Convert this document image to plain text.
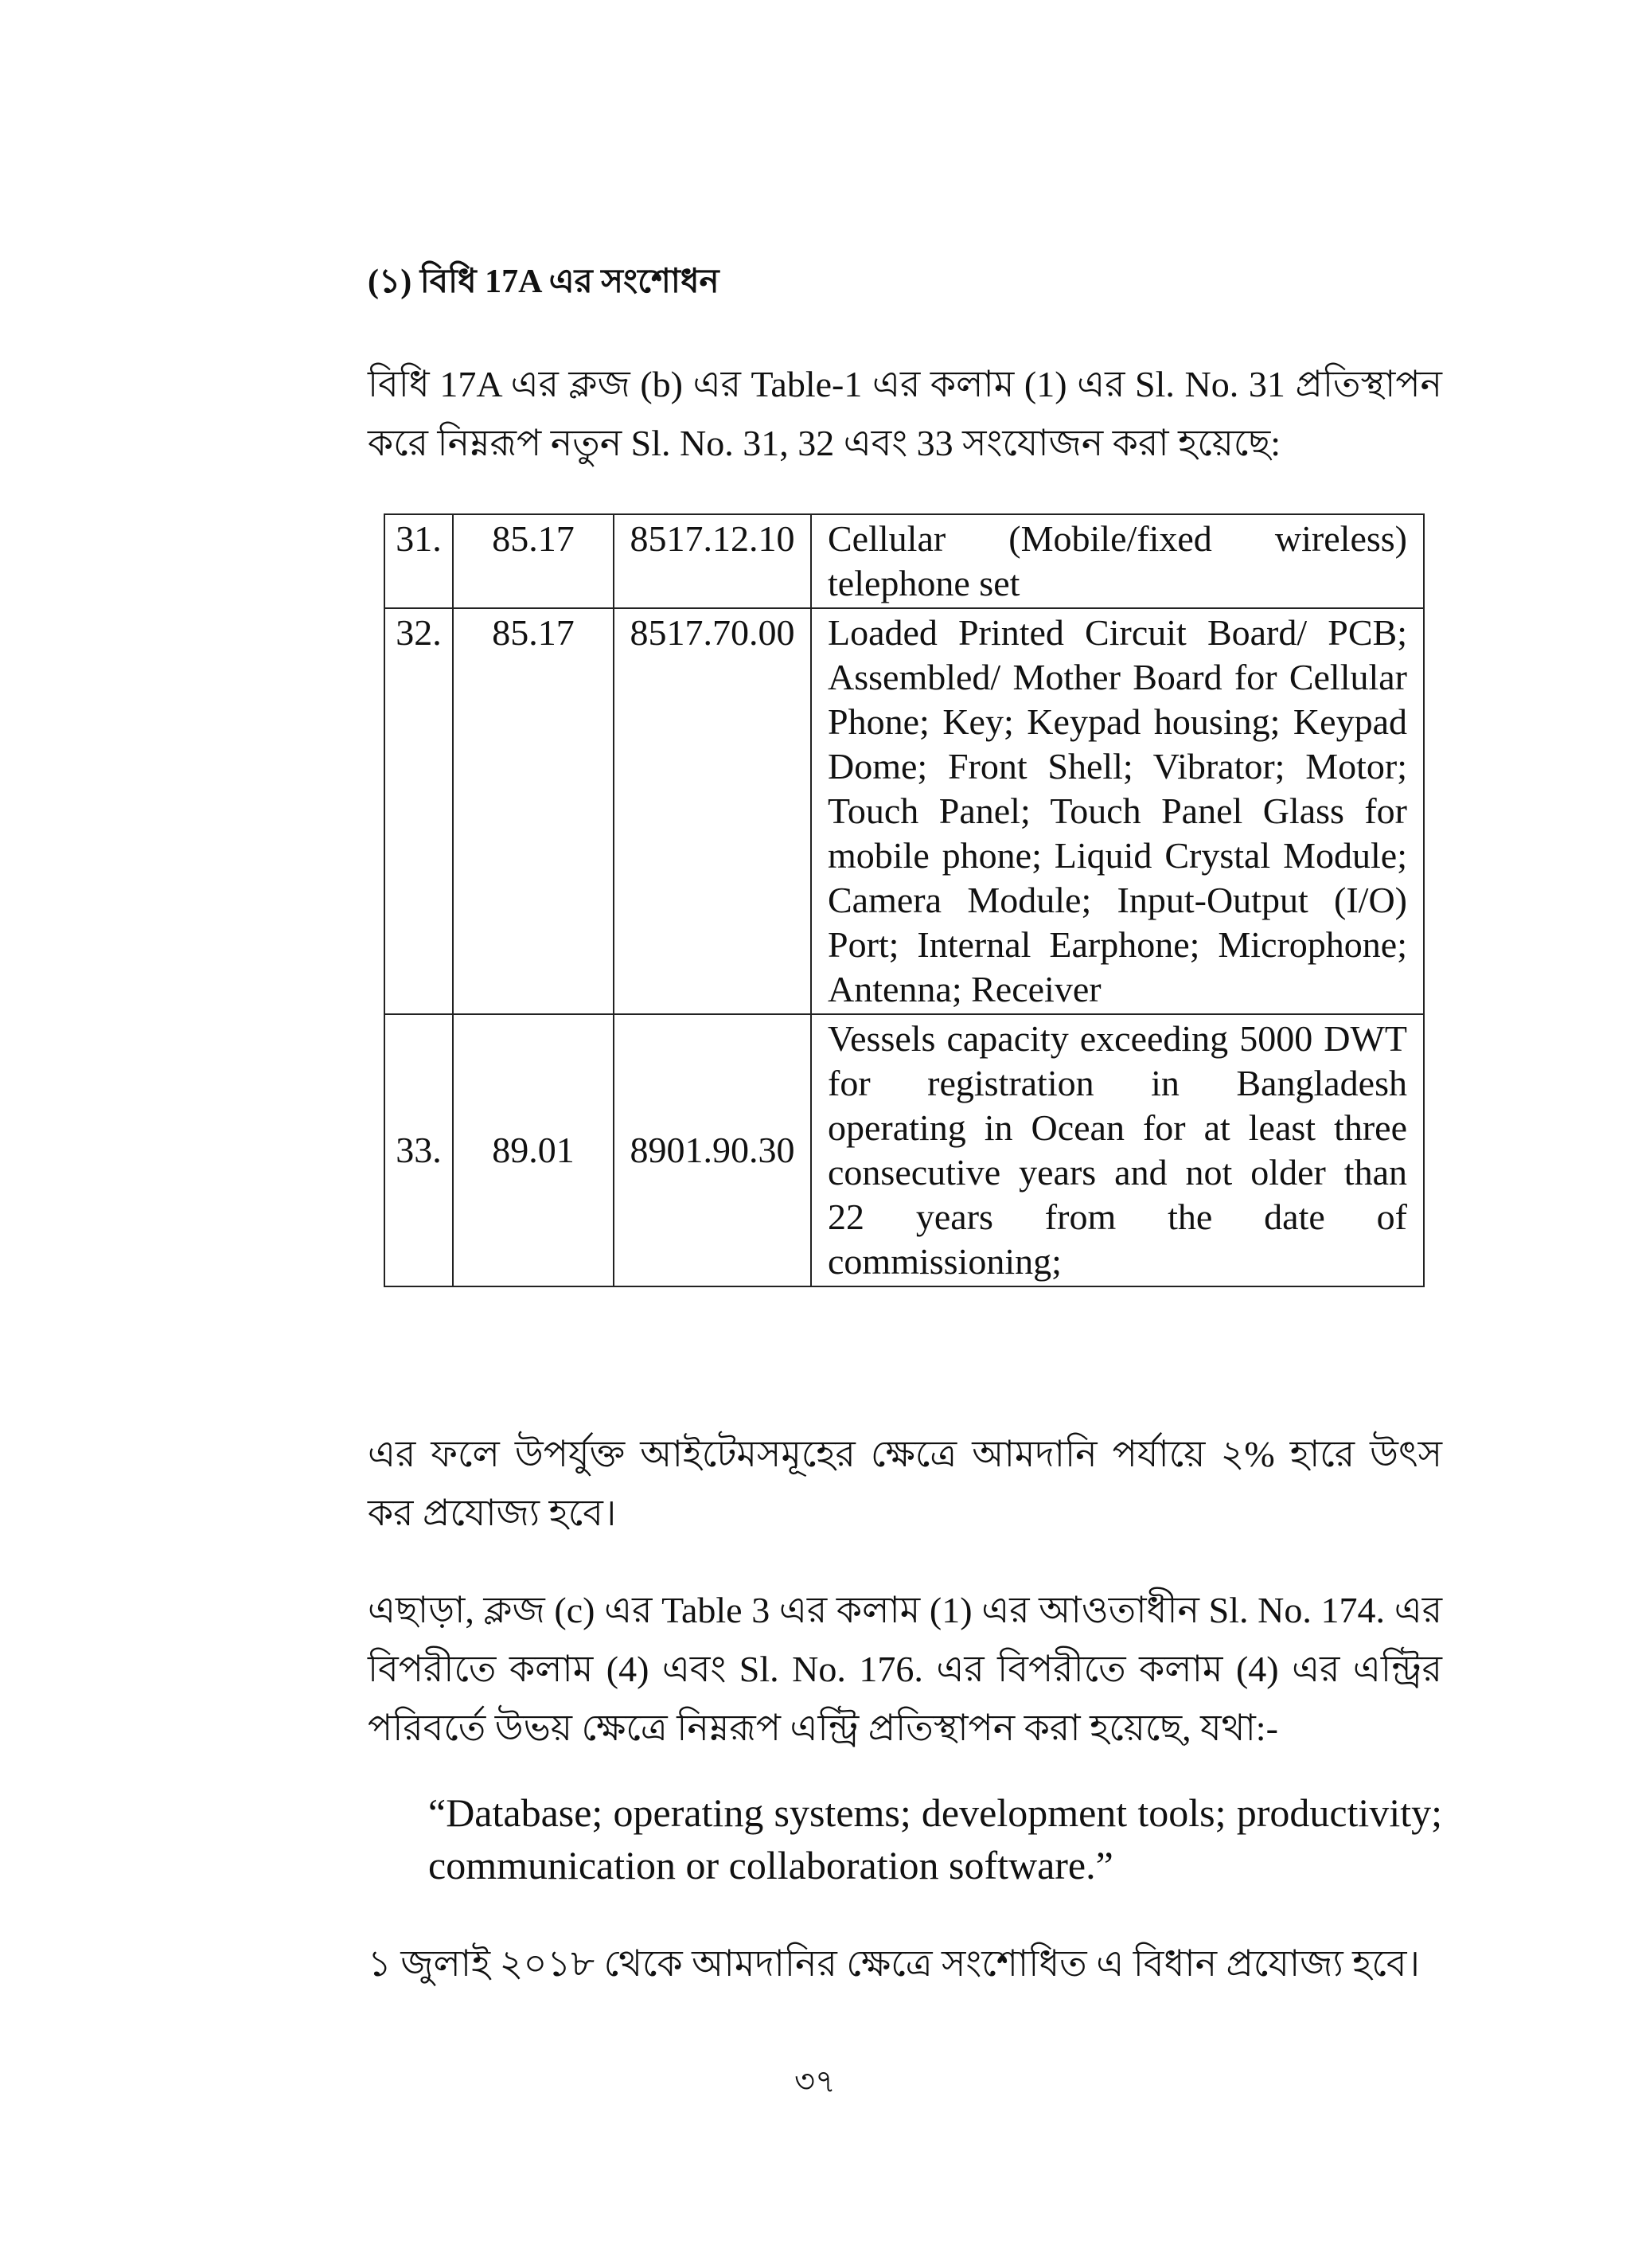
(১) বিধি 17A এর সংশোধন
বিধি 17A এর ক্লজ (b) এর Table-1 এর কলাম (1) এর Sl. No. 31 প্রতিস্থাপন করে নিম্নরূপ নতুন Sl. No. 31, 32 এবং 33 সংযোজন করা হয়েছে:
31.	85.17	8517.12.10	Cellular (Mobile/fixed wireless) telephone set
32.	85.17	8517.70.00	Loaded Printed Circuit Board/ PCB; Assembled/ Mother Board for Cellular Phone; Key; Keypad housing; Keypad Dome; Front Shell; Vibrator; Motor; Touch Panel; Touch Panel Glass for mobile phone; Liquid Crystal Module; Camera Module; Input-Output (I/O) Port; Internal Earphone; Microphone; Antenna; Receiver
33.	89.01	8901.90.30	Vessels capacity exceeding 5000 DWT for registration in Bangladesh operating in Ocean for at least three consecutive years and not older than 22 years from the date of commissioning;
এর ফলে উপর্যুক্ত আইটেমসমূহের ক্ষেত্রে আমদানি পর্যায়ে ২% হারে উৎস কর প্রযোজ্য হবে।
এছাড়া, ক্লজ (c) এর Table 3 এর কলাম (1) এর আওতাধীন Sl. No. 174. এর বিপরীতে কলাম (4) এবং Sl. No. 176. এর বিপরীতে কলাম (4) এর এন্ট্রির পরিবর্তে উভয় ক্ষেত্রে নিম্নরূপ এন্ট্রি প্রতিস্থাপন করা হয়েছে, যথা:-
“Database; operating systems; development tools; productivity; communication or collaboration software.”
১ জুলাই ২০১৮ থেকে আমদানির ক্ষেত্রে সংশোধিত এ বিধান প্রযোজ্য হবে।
৩৭
